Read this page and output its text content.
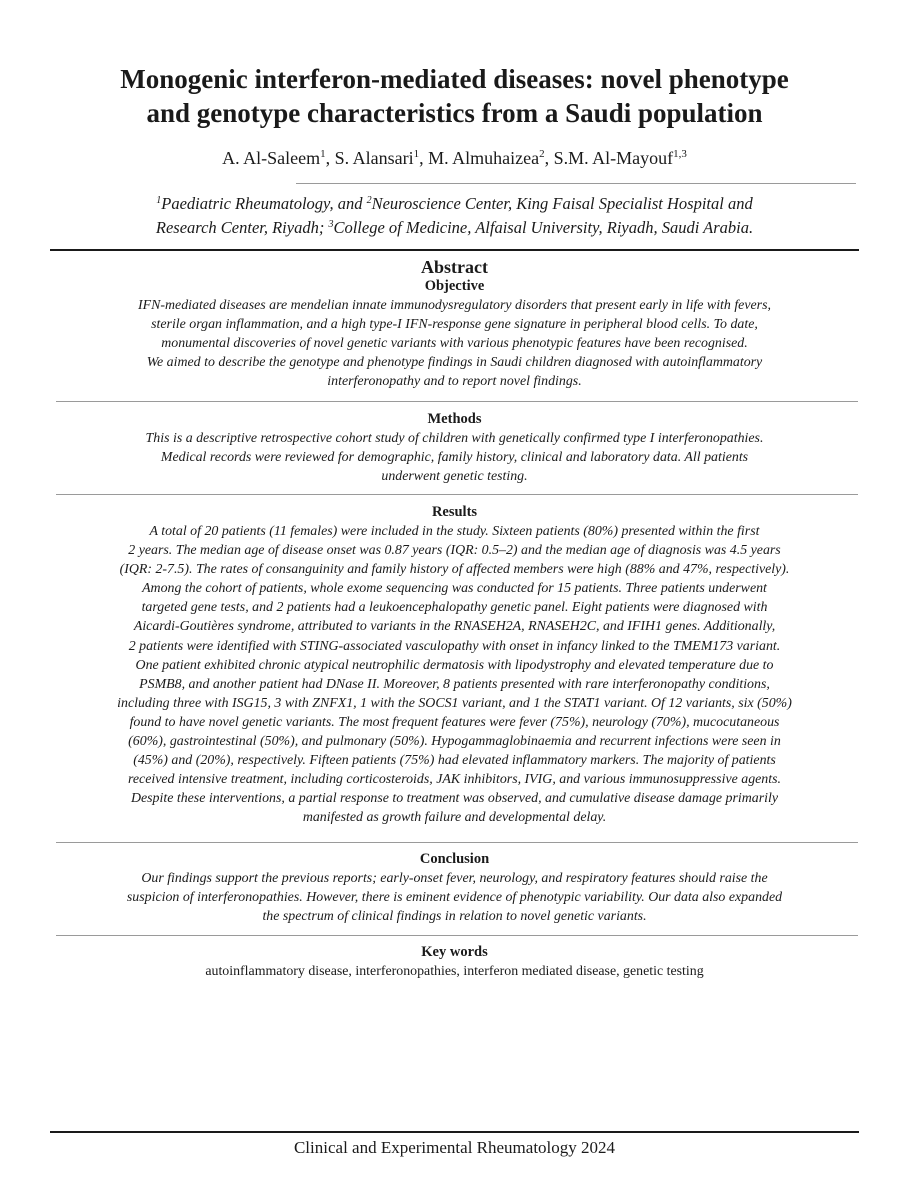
Monogenic interferon-mediated diseases: novel phenotype
and genotype characteristics from a Saudi population

A. Al-Saleem$^1$, S. Alansari$^1$, M. Almuhaizea$^2$, S.M. Al-Mayouf$^{1,3}$

$^1$Paediatric Rheumatology, and $^2$Neuroscience Center, King Faisal Specialist Hospital and
Research Center, Riyadh; $^3$College of Medicine, Alfaisal University, Riyadh, Saudi Arabia.

Abstract
Objective

IFN-mediated diseases are mendelian innate immunodysregulatory disorders that present early in life with fevers,
sterile organ inflammation, and a high type-I IFN-response gene signature in peripheral blood cells. To date,
monumental discoveries of novel genetic variants with various phenotypic features have been recognised.
We aimed to describe the genotype and phenotype findings in Saudi children diagnosed with autoinflammatory
interferonopathy and to report novel findings.

Methods

This is a descriptive retrospective cohort study of children with genetically confirmed type I interferonopathies.
Medical records were reviewed for demographic, family history, clinical and laboratory data. All patients
underwent genetic testing.

Results

A total of 20 patients (11 females) were included in the study. Sixteen patients (80%) presented within the first
2 years. The median age of disease onset was 0.87 years (IQR: 0.5–2) and the median age of diagnosis was 4.5 years
(IQR: 2-7.5). The rates of consanguinity and family history of affected members were high (88% and 47%, respectively).
Among the cohort of patients, whole exome sequencing was conducted for 15 patients. Three patients underwent
targeted gene tests, and 2 patients had a leukoencephalopathy genetic panel. Eight patients were diagnosed with
Aicardi-Goutières syndrome, attributed to variants in the RNASEH2A, RNASEH2C, and IFIH1 genes. Additionally,
2 patients were identified with STING-associated vasculopathy with onset in infancy linked to the TMEM173 variant.
One patient exhibited chronic atypical neutrophilic dermatosis with lipodystrophy and elevated temperature due to
PSMB8, and another patient had DNase II. Moreover, 8 patients presented with rare interferonopathy conditions,
including three with ISG15, 3 with ZNFX1, 1 with the SOCS1 variant, and 1 the STAT1 variant. Of 12 variants, six (50%)
found to have novel genetic variants. The most frequent features were fever (75%), neurology (70%), mucocutaneous
(60%), gastrointestinal (50%), and pulmonary (50%). Hypogammaglobinaemia and recurrent infections were seen in
(45%) and (20%), respectively. Fifteen patients (75%) had elevated inflammatory markers. The majority of patients
received intensive treatment, including corticosteroids, JAK inhibitors, IVIG, and various immunosuppressive agents.
Despite these interventions, a partial response to treatment was observed, and cumulative disease damage primarily
manifested as growth failure and developmental delay.

Conclusion

Our findings support the previous reports; early-onset fever, neurology, and respiratory features should raise the
suspicion of interferonopathies. However, there is eminent evidence of phenotypic variability. Our data also expanded
the spectrum of clinical findings in relation to novel genetic variants.

Key words

autoinflammatory disease, interferonopathies, interferon mediated disease, genetic testing

Clinical and Experimental Rheumatology 2024
